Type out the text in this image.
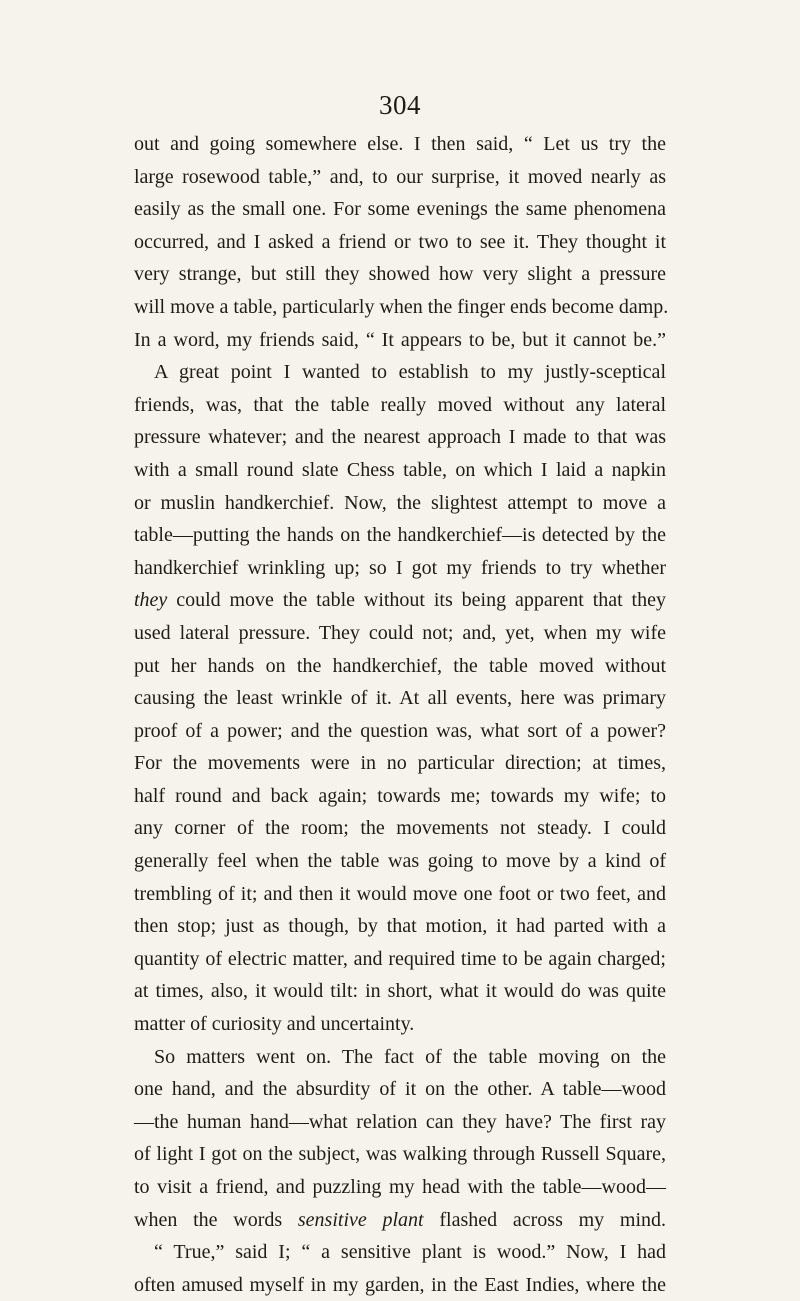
304
out and going somewhere else. I then said, “ Let us try the
large rosewood table,” and, to our surprise, it moved nearly as
easily as the small one. For some evenings the same phenomena
occurred, and I asked a friend or two to see it. They thought it
very strange, but still they showed how very slight a pressure
will move a table, particularly when the finger ends become damp.
In a word, my friends said, “ It appears to be, but it cannot be.”
A great point I wanted to establish to my justly-sceptical
friends, was, that the table really moved without any lateral
pressure whatever; and the nearest approach I made to that was
with a small round slate Chess table, on which I laid a napkin
or muslin handkerchief. Now, the slightest attempt to move a
table—putting the hands on the handkerchief—is detected by the
handkerchief wrinkling up; so I got my friends to try whether
they could move the table without its being apparent that they
used lateral pressure. They could not; and, yet, when my wife
put her hands on the handkerchief, the table moved without
causing the least wrinkle of it. At all events, here was primary
proof of a power; and the question was, what sort of a power?
For the movements were in no particular direction; at times,
half round and back again; towards me; towards my wife; to
any corner of the room; the movements not steady. I could
generally feel when the table was going to move by a kind of
trembling of it; and then it would move one foot or two feet, and
then stop; just as though, by that motion, it had parted with a
quantity of electric matter, and required time to be again charged;
at times, also, it would tilt: in short, what it would do was quite
matter of curiosity and uncertainty.
So matters went on. The fact of the table moving on the
one hand, and the absurdity of it on the other. A table—wood
—the human hand—what relation can they have? The first ray
of light I got on the subject, was walking through Russell Square,
to visit a friend, and puzzling my head with the table—wood—
when the words sensitive plant flashed across my mind.
“ True,” said I; “ a sensitive plant is wood.” Now, I had
often amused myself in my garden, in the East Indies, where the
